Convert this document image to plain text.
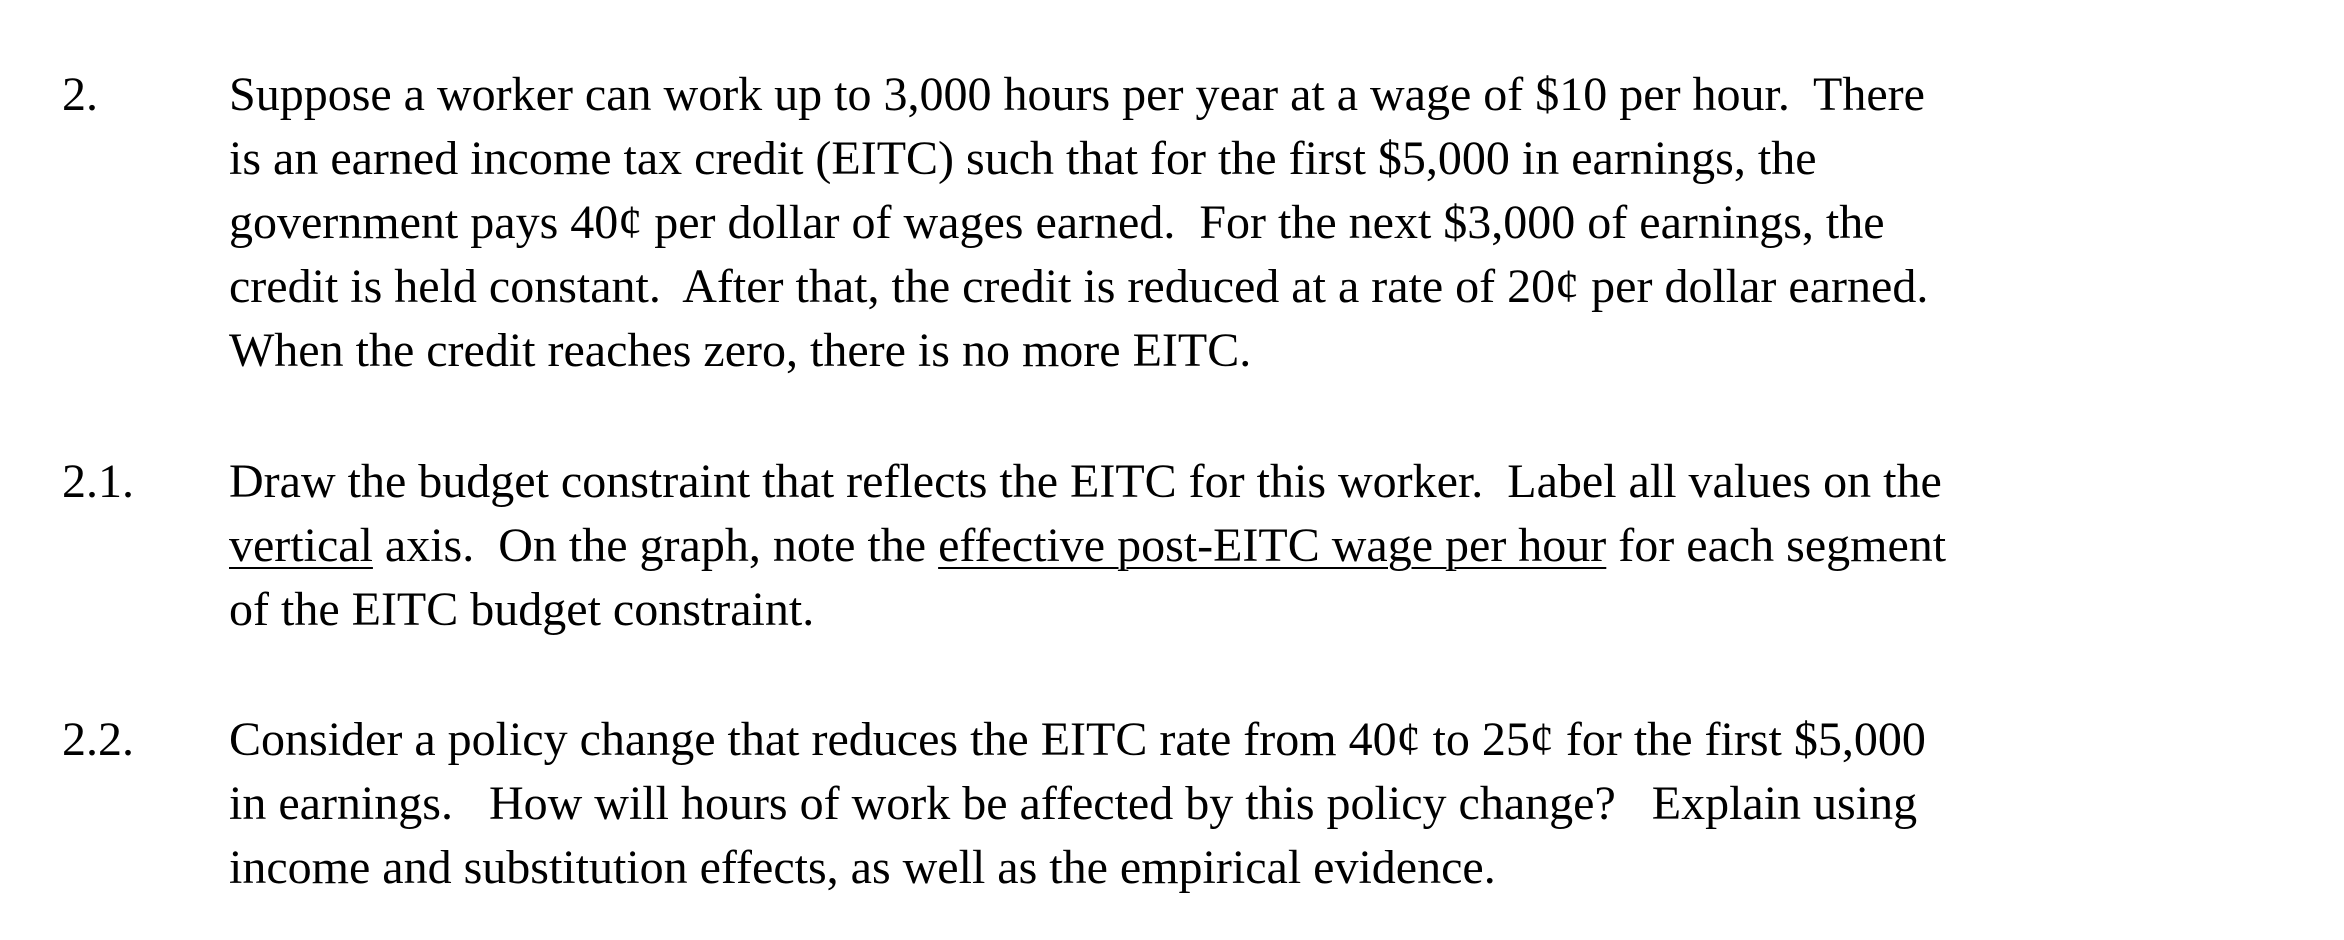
2.	Suppose a worker can work up to 3,000 hours per year at a wage of $10 per hour.  There
is an earned income tax credit (EITC) such that for the first $5,000 in earnings, the
government pays 40¢ per dollar of wages earned.  For the next $3,000 of earnings, the
credit is held constant.  After that, the credit is reduced at a rate of 20¢ per dollar earned.
When the credit reaches zero, there is no more EITC.
2.1. Draw the budget constraint that reflects the EITC for this worker.  Label all values on the
vertical axis.  On the graph, note the effective post-EITC wage per hour for each segment
of the EITC budget constraint.
2.2. Consider a policy change that reduces the EITC rate from 40¢ to 25¢ for the first $5,000
in earnings.   How will hours of work be affected by this policy change?   Explain using
income and substitution effects, as well as the empirical evidence.
